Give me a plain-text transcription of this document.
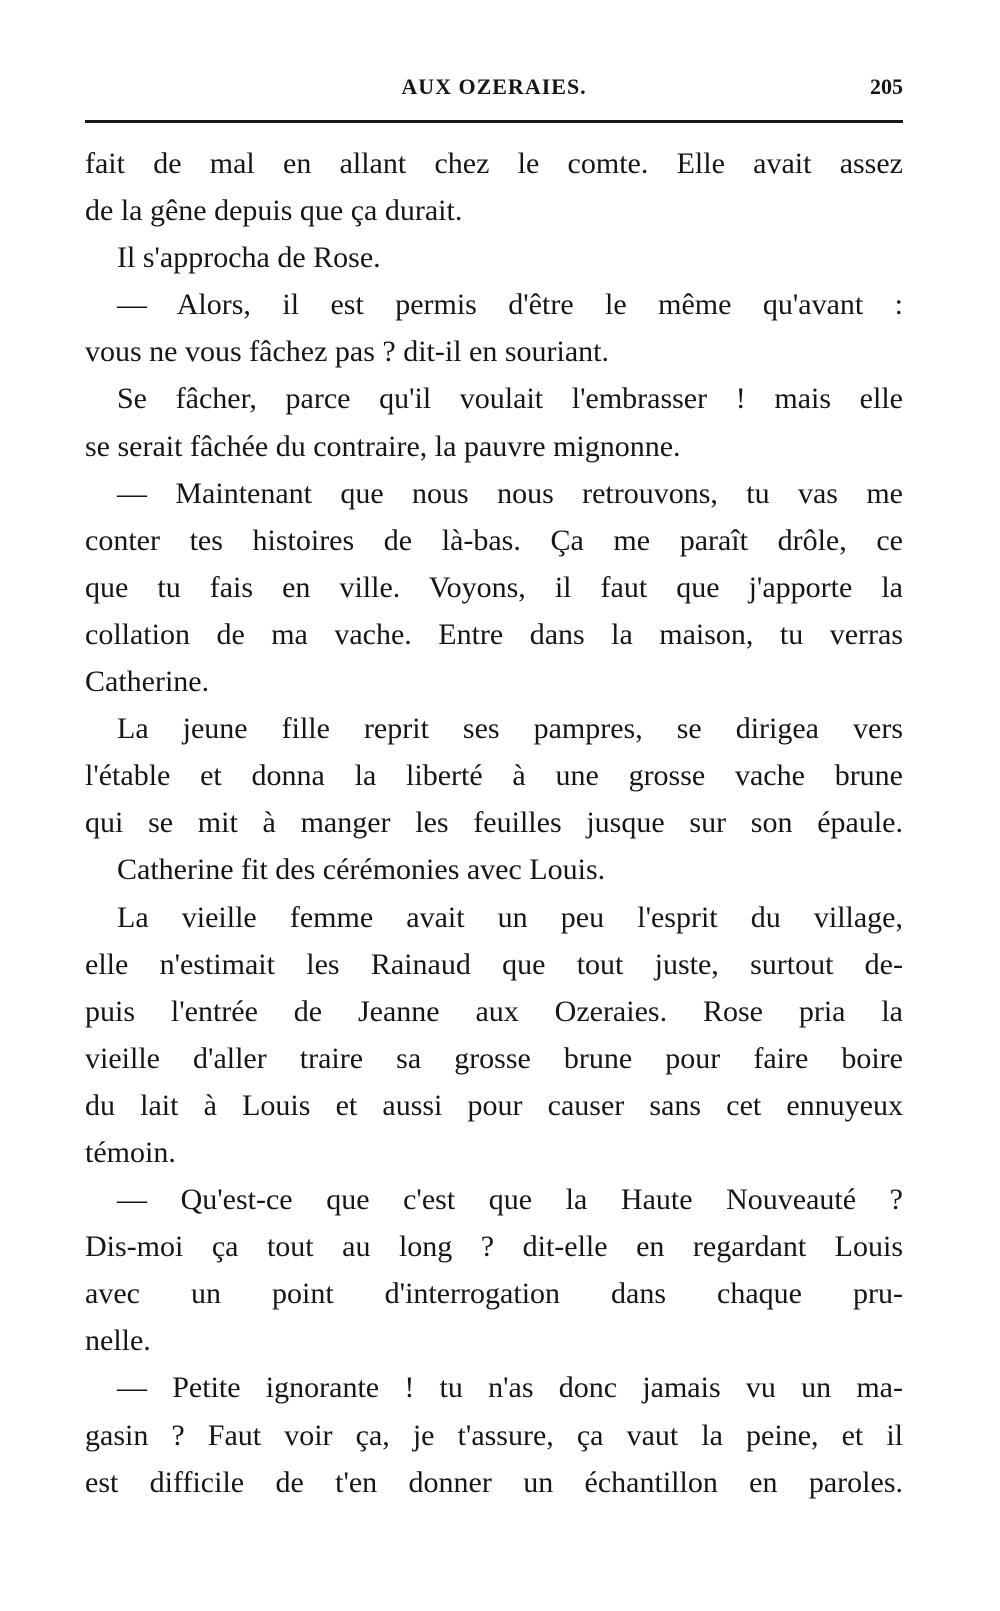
AUX OZERAIES.	205
fait de mal en allant chez le comte. Elle avait assez
de la gêne depuis que ça durait.
Il s'approcha de Rose.
— Alors, il est permis d'être le même qu'avant :
vous ne vous fâchez pas ? dit-il en souriant.
Se fâcher, parce qu'il voulait l'embrasser ! mais elle
se serait fâchée du contraire, la pauvre mignonne.
— Maintenant que nous nous retrouvons, tu vas me
conter tes histoires de là-bas. Ça me paraît drôle, ce
que tu fais en ville. Voyons, il faut que j'apporte la
collation de ma vache. Entre dans la maison, tu verras
Catherine.
La jeune fille reprit ses pampres, se dirigea vers
l'étable et donna la liberté à une grosse vache brune
qui se mit à manger les feuilles jusque sur son épaule.
Catherine fit des cérémonies avec Louis.
La vieille femme avait un peu l'esprit du village,
elle n'estimait les Rainaud que tout juste, surtout de-
puis l'entrée de Jeanne aux Ozeraies. Rose pria la
vieille d'aller traire sa grosse brune pour faire boire
du lait à Louis et aussi pour causer sans cet ennuyeux
témoin.
— Qu'est-ce que c'est que la Haute Nouveauté ?
Dis-moi ça tout au long ? dit-elle en regardant Louis
avec un point d'interrogation dans chaque pru-
nelle.
— Petite ignorante ! tu n'as donc jamais vu un ma-
gasin ? Faut voir ça, je t'assure, ça vaut la peine, et il
est difficile de t'en donner un échantillon en paroles.
